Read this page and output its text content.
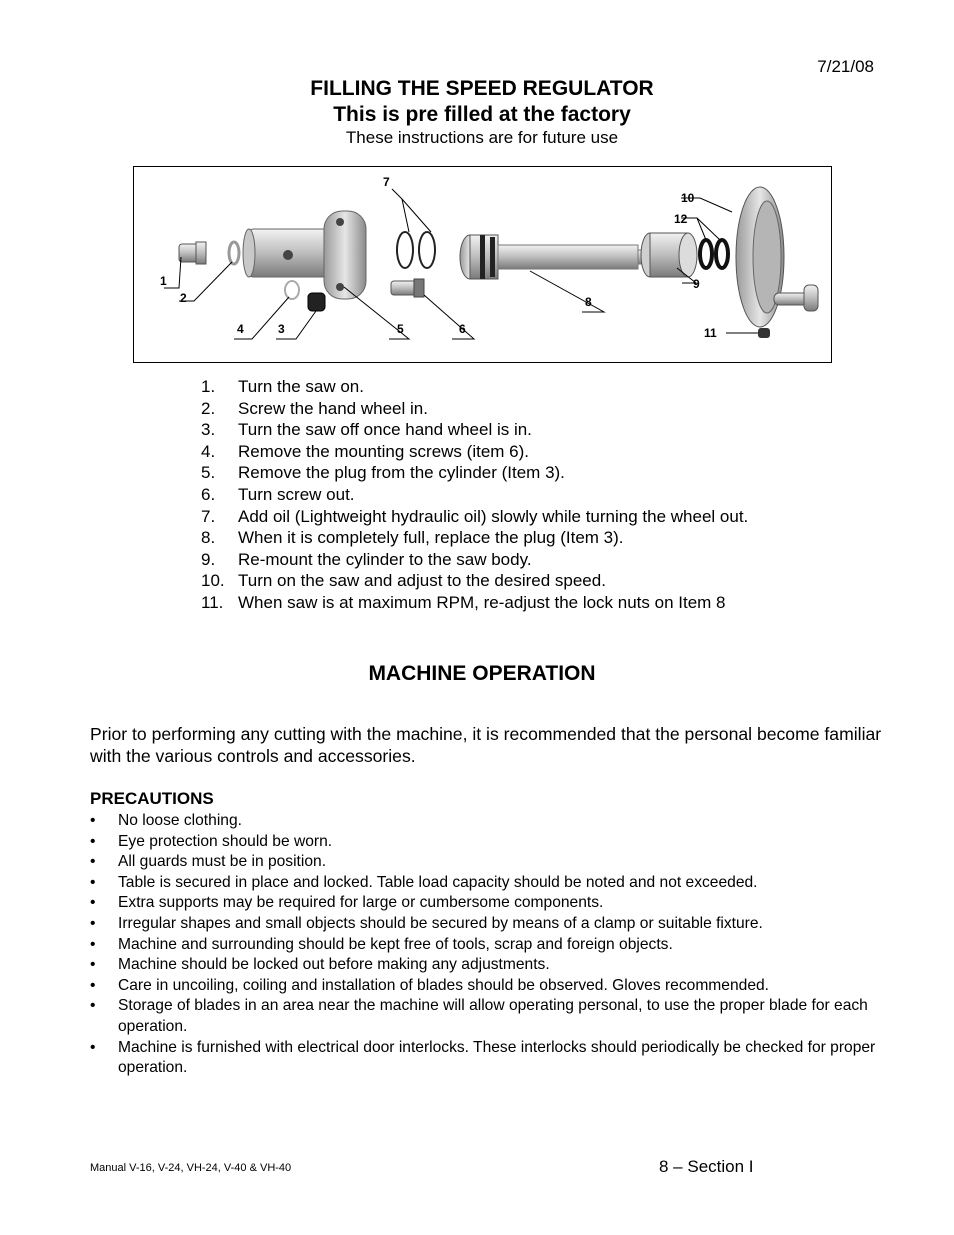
7/21/08
FILLING THE SPEED REGULATOR
This is pre filled at the factory
These instructions are for future use
7
1
2
4	3	5	6
8
10
12
9
11
1. Turn the saw on.
2. Screw the hand wheel in.
3. Turn the saw off once hand wheel is in.
4. Remove the mounting screws (item 6).
5. Remove the plug from the cylinder (Item 3).
6. Turn screw out.
7. Add oil (Lightweight hydraulic oil) slowly while turning the wheel out.
8. When it is completely full, replace the plug (Item 3).
9. Re-mount the cylinder to the saw body.
10. Turn on the saw and adjust to the desired speed.
11. When saw is at maximum RPM, re-adjust the lock nuts on Item 8
MACHINE OPERATION
Prior to performing any cutting with the machine, it is recommended that the personal become familiar with the various controls and accessories.
PRECAUTIONS
• No loose clothing.
• Eye protection should be worn.
• All guards must be in position.
• Table is secured in place and locked. Table load capacity should be noted and not exceeded.
• Extra supports may be required for large or cumbersome components.
• Irregular shapes and small objects should be secured by means of a clamp or suitable fixture.
• Machine and surrounding should be kept free of tools, scrap and foreign objects.
• Machine should be locked out before making any adjustments.
• Care in uncoiling, coiling and installation of blades should be observed. Gloves recommended.
• Storage of blades in an area near the machine will allow operating personal, to use the proper blade for each operation.
• Machine is furnished with electrical door interlocks. These interlocks should periodically be checked for proper operation.
Manual V-16, V-24, VH-24, V-40 & VH-40	8 – Section I
